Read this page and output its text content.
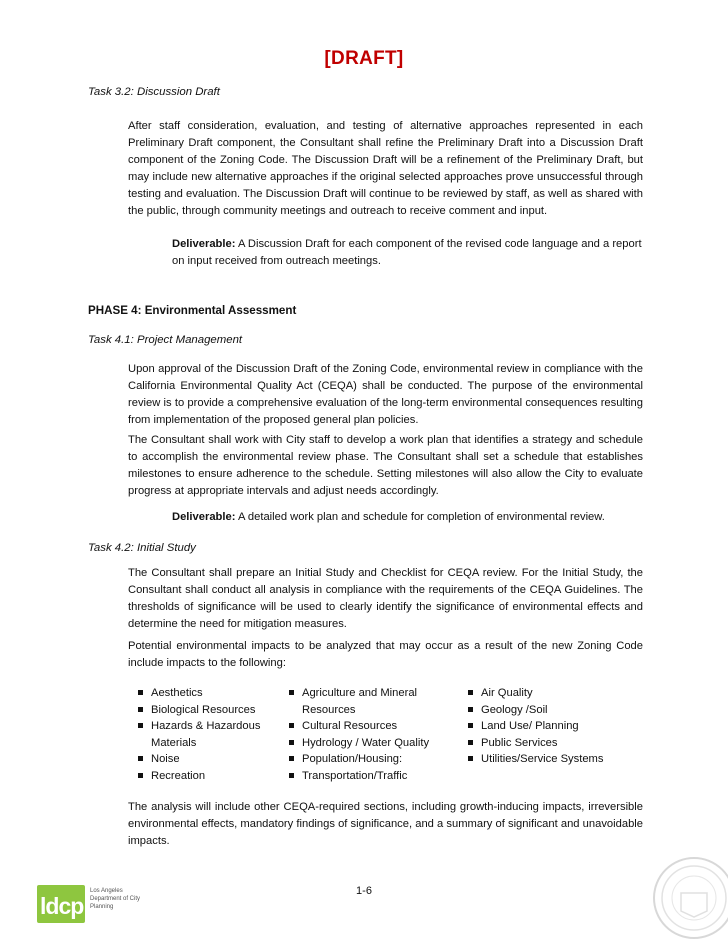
[DRAFT]
Task 3.2: Discussion Draft
After staff consideration, evaluation, and testing of alternative approaches represented in each Preliminary Draft component, the Consultant shall refine the Preliminary Draft into a Discussion Draft component of the Zoning Code. The Discussion Draft will be a refinement of the Preliminary Draft, but may include new alternative approaches if the original selected approaches prove unsuccessful through testing and evaluation. The Discussion Draft will continue to be reviewed by staff, as well as shared with the public, through community meetings and outreach to receive comment and input.
Deliverable: A Discussion Draft for each component of the revised code language and a report on input received from outreach meetings.
PHASE 4: Environmental Assessment
Task 4.1: Project Management
Upon approval of the Discussion Draft of the Zoning Code, environmental review in compliance with the California Environmental Quality Act (CEQA) shall be conducted. The purpose of the environmental review is to provide a comprehensive evaluation of the long-term environmental consequences resulting from implementation of the proposed general plan policies.
The Consultant shall work with City staff to develop a work plan that identifies a strategy and schedule to accomplish the environmental review phase. The Consultant shall set a schedule that establishes milestones to ensure adherence to the schedule. Setting milestones will also allow the City to evaluate progress at appropriate intervals and adjust needs accordingly.
Deliverable: A detailed work plan and schedule for completion of environmental review.
Task 4.2: Initial Study
The Consultant shall prepare an Initial Study and Checklist for CEQA review. For the Initial Study, the Consultant shall conduct all analysis in compliance with the requirements of the CEQA Guidelines. The thresholds of significance will be used to clearly identify the significance of environmental effects and determine the need for mitigation measures.
Potential environmental impacts to be analyzed that may occur as a result of the new Zoning Code include impacts to the following:
Aesthetics
Biological Resources
Hazards & Hazardous Materials
Noise
Recreation
Agriculture and Mineral Resources
Cultural Resources
Hydrology / Water Quality
Population/Housing:
Transportation/Traffic
Air Quality
Geology /Soil
Land Use/ Planning
Public Services
Utilities/Service Systems
The analysis will include other CEQA-required sections, including growth-inducing impacts, irreversible environmental effects, mandatory findings of significance, and a summary of significant and unavoidable impacts.
1-6
ldcp
Los Angeles Department of City Planning
